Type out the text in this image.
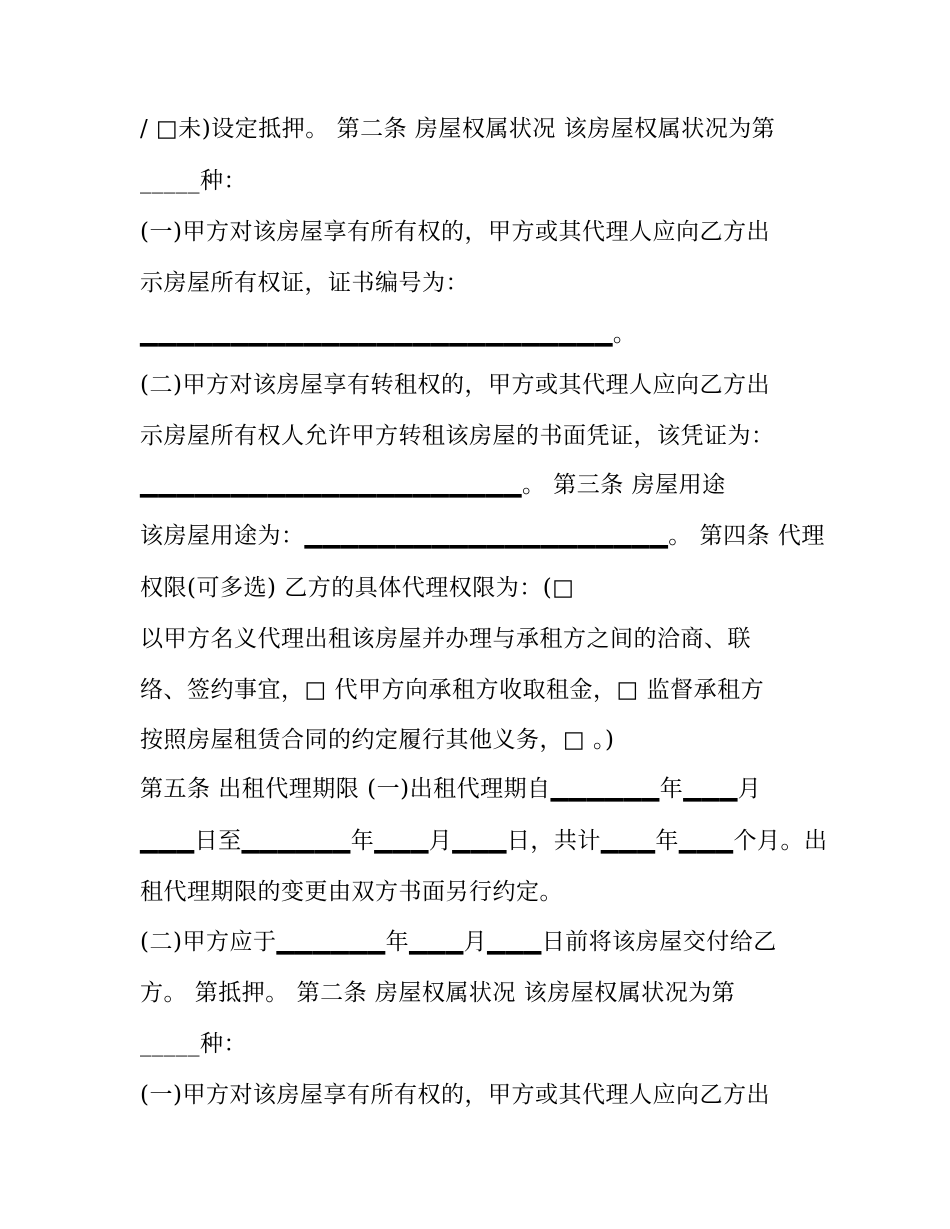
/ □未)设定抵押。 第二条 房屋权属状况 该房屋权属状况为第
_____种：
(一)甲方对该房屋享有所有权的，甲方或其代理人应向乙方出
示房屋所有权证，证书编号为：
▁▁▁▁▁▁▁▁▁▁▁▁▁▁▁▁▁▁▁▁▁▁▁▁▁▁。
(二)甲方对该房屋享有转租权的，甲方或其代理人应向乙方出
示房屋所有权人允许甲方转租该房屋的书面凭证，该凭证为：
▁▁▁▁▁▁▁▁▁▁▁▁▁▁▁▁▁▁▁▁▁。 第三条 房屋用途
该房屋用途为：▁▁▁▁▁▁▁▁▁▁▁▁▁▁▁▁▁▁▁▁。 第四条 代理
权限(可多选) 乙方的具体代理权限为：(□
以甲方名义代理出租该房屋并办理与承租方之间的洽商、联
络、签约事宜，□ 代甲方向承租方收取租金，□ 监督承租方
按照房屋租赁合同的约定履行其他义务，□ 。)
第五条 出租代理期限 (一)出租代理期自▁▁▁▁▁▁年▁▁▁月
▁▁▁日至▁▁▁▁▁▁年▁▁▁月▁▁▁日，共计▁▁▁年▁▁▁个月。出
租代理期限的变更由双方书面另行约定。
(二)甲方应于▁▁▁▁▁▁年▁▁▁月▁▁▁日前将该房屋交付给乙
方。 第抵押。 第二条 房屋权属状况 该房屋权属状况为第
_____种：
(一)甲方对该房屋享有所有权的，甲方或其代理人应向乙方出
